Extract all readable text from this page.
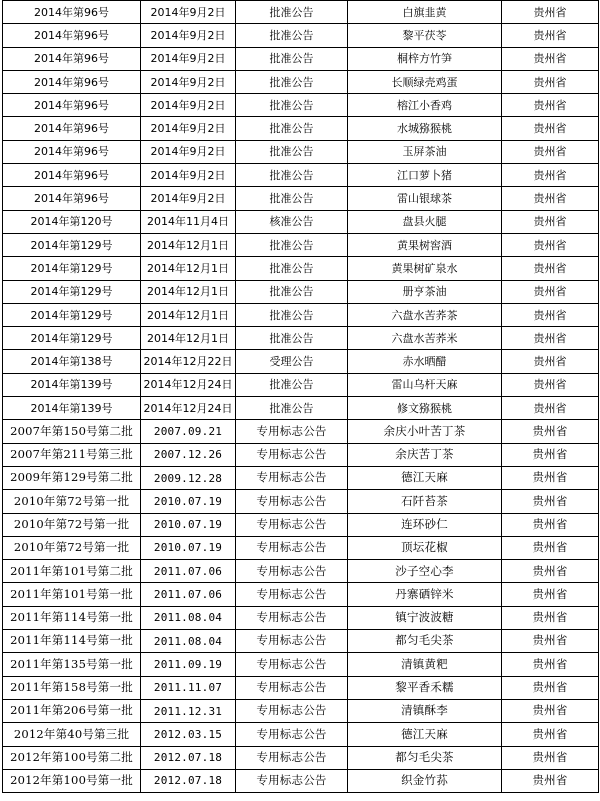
2014年第96号	2014年9月2日	批准公告	白旗韭黄	贵州省
2014年第96号	2014年9月2日	批准公告	黎平茯苓	贵州省
2014年第96号	2014年9月2日	批准公告	桐梓方竹笋	贵州省
2014年第96号	2014年9月2日	批准公告	长顺绿壳鸡蛋	贵州省
2014年第96号	2014年9月2日	批准公告	榕江小香鸡	贵州省
2014年第96号	2014年9月2日	批准公告	水城猕猴桃	贵州省
2014年第96号	2014年9月2日	批准公告	玉屏茶油	贵州省
2014年第96号	2014年9月2日	批准公告	江口萝卜猪	贵州省
2014年第96号	2014年9月2日	批准公告	雷山银球茶	贵州省
2014年第120号	2014年11月4日	核准公告	盘县火腿	贵州省
2014年第129号	2014年12月1日	批准公告	黄果树窖酒	贵州省
2014年第129号	2014年12月1日	批准公告	黄果树矿泉水	贵州省
2014年第129号	2014年12月1日	批准公告	册亨茶油	贵州省
2014年第129号	2014年12月1日	批准公告	六盘水苦荞茶	贵州省
2014年第129号	2014年12月1日	批准公告	六盘水苦荞米	贵州省
2014年第138号	2014年12月22日	受理公告	赤水晒醋	贵州省
2014年第139号	2014年12月24日	批准公告	雷山乌杆天麻	贵州省
2014年第139号	2014年12月24日	批准公告	修文猕猴桃	贵州省
2007年第150号第二批	2007.09.21	专用标志公告	余庆小叶苦丁茶	贵州省
2007年第211号第三批	2007.12.26	专用标志公告	余庆苦丁茶	贵州省
2009年第129号第二批	2009.12.28	专用标志公告	德江天麻	贵州省
2010年第72号第一批	2010.07.19	专用标志公告	石阡苔茶	贵州省
2010年第72号第一批	2010.07.19	专用标志公告	连环砂仁	贵州省
2010年第72号第一批	2010.07.19	专用标志公告	顶坛花椒	贵州省
2011年第101号第二批	2011.07.06	专用标志公告	沙子空心李	贵州省
2011年第101号第一批	2011.07.06	专用标志公告	丹寨硒锌米	贵州省
2011年第114号第一批	2011.08.04	专用标志公告	镇宁波波糖	贵州省
2011年第114号第一批	2011.08.04	专用标志公告	都匀毛尖茶	贵州省
2011年第135号第一批	2011.09.19	专用标志公告	清镇黄粑	贵州省
2011年第158号第一批	2011.11.07	专用标志公告	黎平香禾糯	贵州省
2011年第206号第一批	2011.12.31	专用标志公告	清镇酥李	贵州省
2012年第40号第三批	2012.03.15	专用标志公告	德江天麻	贵州省
2012年第100号第二批	2012.07.18	专用标志公告	都匀毛尖茶	贵州省
2012年第100号第一批	2012.07.18	专用标志公告	织金竹荪	贵州省
